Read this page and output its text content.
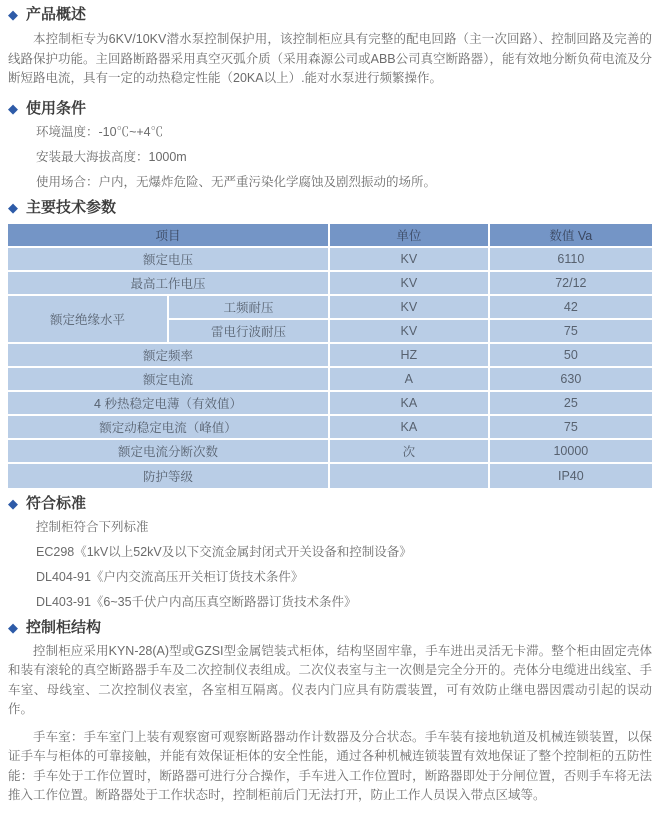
◆ 产品概述

本控制柜专为6KV/10KV潜水泵控制保护用，该控制柜应具有完整的配电回路（主一次回路）、控制回路及完善的线路保护功能。主回路断路器采用真空灭弧介质（采用森源公司或ABB公司真空断路器），能有效地分断负荷电流及分断短路电流，具有一定的动热稳定性能（20KA以上）.能对水泵进行频繁操作。

◆ 使用条件
环境温度：-10℃~+4℃
安装最大海拔高度：1000m
使用场合：户内，无爆炸危险、无严重污染化学腐蚀及剧烈振动的场所。
◆ 主要技术参数
项目		单位	数值 Va
额定电压		KV	6110
最高工作电压		KV	72/12
额定绝缘水平	工频耐压	KV	42
	雷电行波耐压	KV	75
额定频率		HZ	50
额定电流		A	630
4 秒热稳定电薄（有效值）		KA	25
额定动稳定电流（峰值）		KA	75
额定电流分断次数		次	10000
防护等级			IP40
◆ 符合标准
控制柜符合下列标准
EC298《1kV以上52kV及以下交流金属封闭式开关设备和控制设备》
DL404-91《户内交流高压开关柜订货技术条件》
DL403-91《6~35千伏户内高压真空断路器订货技术条件》
◆ 控制柜结构

控制柜应采用KYN-28(A)型或GZSI型金属铠装式柜体，结构坚固牢靠，手车进出灵活无卡滞。整个柜由固定壳体和装有滚轮的真空断路器手车及二次控制仪表组成。二次仪表室与主一次侧是完全分开的。壳体分电缆进出线室、手车室、母线室、二次控制仪表室，各室相互隔离。仪表内门应具有防震装置，可有效防止继电器因震动引起的误动作。

手车室：手车室门上装有观察窗可观察断路器动作计数器及分合状态。手车装有接地轨道及机械连锁装置，以保证手车与柜体的可靠接触，并能有效保证柜体的安全性能，通过各种机械连锁装置有效地保证了整个控制柜的五防性能：手车处于工作位置时，断路器可进行分合操作，手车进入工作位置时，断路器即处于分闸位置，否则手车将无法推入工作位置。断路器处于工作状态时，控制柜前后门无法打开，防止工作人员误入带点区域等。
